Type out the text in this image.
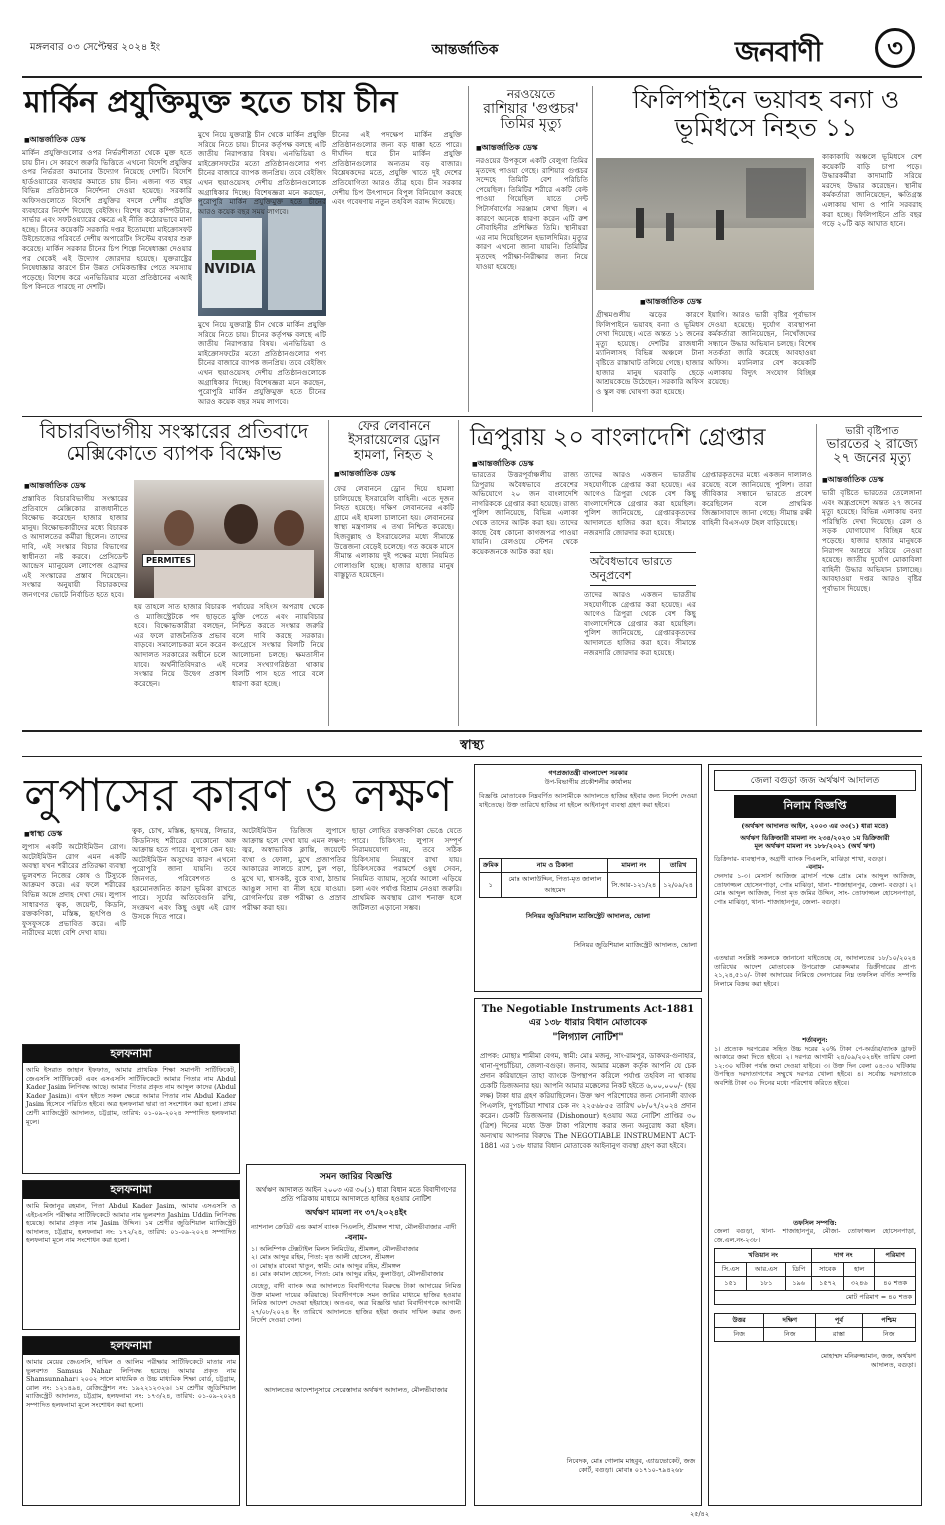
মঙ্গলবার ০৩ সেপ্টেম্বর ২০২৪ ইং	আন্তর্জাতিক	জনবাণী	৩
মার্কিন প্রযুক্তিমুক্ত হতে চায় চীন
■ আন্তর্জাতিক ডেস্ক
মার্কিন প্রযুক্তিগুলোর ওপর নির্ভরশীলতা থেকে মুক্ত হতে চায় চীন। সে কারণে জরুরি ভিত্তিতে এখনো বিদেশি প্রযুক্তির ওপর নির্ভরতা কমানোর উদ্যোগ নিয়েছে দেশটি। বিদেশি হার্ডওয়্যারের ব্যবহার কমাতে চায় চীন। এজন্য গত বছর বিভিন্ন প্রতিষ্ঠানকে নির্দেশনা দেওয়া হয়েছে। সরকারি অফিসগুলোতে বিদেশি প্রযুক্তির বদলে দেশীয় প্রযুক্তি ব্যবহারের নির্দেশ দিয়েছে বেইজিং। বিশেষ করে কম্পিউটার, সার্ভার এবং সফটওয়্যারের ক্ষেত্রে এই নীতি কঠোরভাবে মানা হচ্ছে। চীনের কয়েকটি সরকারি দপ্তর ইতোমধ্যে মাইক্রোসফট উইন্ডোজের পরিবর্তে দেশীয় অপারেটিং সিস্টেম ব্যবহার শুরু করেছে। মার্কিন সরকার চীনের চিপ শিল্পে নিষেধাজ্ঞা দেওয়ার পর থেকেই এই উদ্যোগ জোরদার হয়েছে। যুক্তরাষ্ট্রের নিষেধাজ্ঞার কারণে চীন উন্নত সেমিকন্ডাক্টর পেতে সমস্যায় পড়েছে। বিশেষ করে এনভিডিয়ার মতো প্রতিষ্ঠানের এআই চিপ কিনতে পারছে না দেশটি।
NVIDIA
মুখে নিয়ে যুক্তরাষ্ট্র চীন থেকে মার্কিন প্রযুক্তি সরিয়ে নিতে চায়। চীনের কর্তৃপক্ষ বলছে এটি জাতীয় নিরাপত্তার বিষয়। এনভিডিয়া ও মাইক্রোসফটের মতো প্রতিষ্ঠানগুলোর পণ্য চীনের বাজারে ব্যাপক জনপ্রিয়। তবে বেইজিং এখন হুয়াওয়েসহ দেশীয় প্রতিষ্ঠানগুলোকে অগ্রাধিকার দিচ্ছে। বিশেষজ্ঞরা মনে করছেন, পুরোপুরি মার্কিন প্রযুক্তিমুক্ত হতে চীনের আরও কয়েক বছর সময় লাগবে।
মুখে নিয়ে যুক্তরাষ্ট্র চীন থেকে মার্কিন প্রযুক্তি সরিয়ে নিতে চায়। চীনের কর্তৃপক্ষ বলছে এটি জাতীয় নিরাপত্তার বিষয়। এনভিডিয়া ও মাইক্রোসফটের মতো প্রতিষ্ঠানগুলোর পণ্য চীনের বাজারে ব্যাপক জনপ্রিয়। তবে বেইজিং এখন হুয়াওয়েসহ দেশীয় প্রতিষ্ঠানগুলোকে অগ্রাধিকার দিচ্ছে। বিশেষজ্ঞরা মনে করছেন, পুরোপুরি মার্কিন প্রযুক্তিমুক্ত হতে চীনের আরও কয়েক বছর সময় লাগবে।
চীনের এই পদক্ষেপ মার্কিন প্রযুক্তি প্রতিষ্ঠানগুলোর জন্য বড় ধাক্কা হতে পারে। দীর্ঘদিন ধরে চীন মার্কিন প্রযুক্তি প্রতিষ্ঠানগুলোর অন্যতম বড় বাজার। বিশ্লেষকদের মতে, প্রযুক্তি খাতে দুই দেশের প্রতিযোগিতা আরও তীব্র হবে। চীন সরকার দেশীয় চিপ উৎপাদনে বিপুল বিনিয়োগ করছে এবং গবেষণায় নতুন তহবিল বরাদ্দ দিয়েছে।
নরওয়েতে
রাশিয়ার 'গুপ্তচর' তিমির মৃত্যু
■ আন্তর্জাতিক ডেস্ক
নরওয়ের উপকূলে একটি বেলুগা তিমির মৃতদেহ পাওয়া গেছে। রাশিয়ার গুপ্তচর সন্দেহে তিমিটি বেশ পরিচিতি পেয়েছিল। তিমিটির শরীরে একটি বেল্ট পাওয়া গিয়েছিল যাতে সেন্ট পিটার্সবার্গের সরঞ্জাম লেখা ছিল। এ কারণে অনেকে ধারণা করেন এটি রুশ নৌবাহিনীর প্রশিক্ষিত তিমি। স্থানীয়রা এর নাম দিয়েছিলেন হভালদিমির। মৃত্যুর কারণ এখনো জানা যায়নি। তিমিটির মৃতদেহ পরীক্ষা-নিরীক্ষার জন্য নিয়ে যাওয়া হয়েছে।
ফিলিপাইনে ভয়াবহ বন্যা ও ভূমিধসে নিহত ১১
■ আন্তর্জাতিক ডেস্ক
গ্রীষ্মমণ্ডলীয় ঝড়ের কারণে ফিলিপাইনে ভয়াবহ বন্যা ও ভূমিধস দেখা দিয়েছে। এতে অন্তত ১১ জনের মৃত্যু হয়েছে। দেশটির রাজধানী ম্যানিলাসহ বিভিন্ন অঞ্চলে টানা বৃষ্টিতে রাস্তাঘাট তলিয়ে গেছে। হাজার হাজার মানুষ ঘরবাড়ি ছেড়ে আশ্রয়কেন্দ্রে উঠেছেন। সরকারি অফিস ও স্কুল বন্ধ ঘোষণা করা হয়েছে।
ইয়াগি। আরও ভারী বৃষ্টির পূর্বাভাস দেওয়া হয়েছে। দুর্যোগ ব্যবস্থাপনা কর্মকর্তারা জানিয়েছেন, নিখোঁজদের সন্ধানে উদ্ধার অভিযান চলছে। বিশেষ সতর্কতা জারি করেছে আবহাওয়া অফিস। ম্যানিলার বেশ কয়েকটি এলাকায় বিদ্যুৎ সংযোগ বিচ্ছিন্ন রয়েছে।
কাকাকাযি অঞ্চলে ভূমিধসে বেশ কয়েকটি বাড়ি চাপা পড়ে। উদ্ধারকর্মীরা কাদামাটি সরিয়ে মরদেহ উদ্ধার করেছেন। স্থানীয় কর্মকর্তারা জানিয়েছেন, ক্ষতিগ্রস্ত এলাকায় খাদ্য ও পানি সরবরাহ করা হচ্ছে। ফিলিপাইনে প্রতি বছর গড়ে ২০টি ঝড় আঘাত হানে।
বিচারবিভাগীয় সংস্কারের প্রতিবাদে মেক্সিকোতে ব্যাপক বিক্ষোভ
■ আন্তর্জাতিক ডেস্ক
PERMITES
প্রস্তাবিত বিচারবিভাগীয় সংস্কারের প্রতিবাদে মেক্সিকোর রাজধানীতে বিক্ষোভ করেছেন হাজার হাজার মানুষ। বিক্ষোভকারীদের মধ্যে বিচারক ও আদালতের কর্মীরা ছিলেন। তাদের দাবি, এই সংস্কার বিচার বিভাগের স্বাধীনতা নষ্ট করবে। প্রেসিডেন্ট আন্দ্রেস ম্যানুয়েল লোপেজ ওব্রাদর এই সংস্কারের প্রস্তাব দিয়েছেন। সংস্কার অনুযায়ী বিচারকদের জনগণের ভোটে নির্বাচিত হতে হবে।
হয় তাহলে সাত হাজার বিচারক ও ম্যাজিস্ট্রেটকে পদ ছাড়তে হবে। বিক্ষোভকারীরা বলছেন, এর ফলে রাজনৈতিক প্রভাব বাড়বে। সমালোচকরা মনে করেন আদালত সরকারের অধীনে চলে যাবে। অর্থনীতিবিদরাও এই সংস্কার নিয়ে উদ্বেগ প্রকাশ করেছেন।
পর্যায়ের সহিংস অপরাধ থেকে মুক্তি পেতে এবং ন্যায়বিচার নিশ্চিত করতে সংস্কার জরুরি বলে দাবি করছে সরকার। কংগ্রেসে সংস্কার বিলটি নিয়ে আলোচনা চলছে। ক্ষমতাসীন দলের সংখ্যাগরিষ্ঠতা থাকায় বিলটি পাস হতে পারে বলে ধারণা করা হচ্ছে।
ফের লেবাননে ইসরায়েলের ড্রোন হামলা, নিহত ২
■ আন্তর্জাতিক ডেস্ক
ফের লেবাননে ড্রোন দিয়ে হামলা চালিয়েছে ইসরায়েলি বাহিনী। এতে দুজন নিহত হয়েছে। দক্ষিণ লেবাননের একটি গ্রামে এই হামলা চালানো হয়। লেবাননের স্বাস্থ্য মন্ত্রণালয় এ তথ্য নিশ্চিত করেছে। হিজবুল্লাহ ও ইসরায়েলের মধ্যে সীমান্তে উত্তেজনা বেড়েই চলেছে। গত কয়েক মাসে সীমান্ত এলাকায় দুই পক্ষের মধ্যে নিয়মিত গোলাগুলি হচ্ছে। হাজার হাজার মানুষ বাস্তুচ্যুত হয়েছেন।
ত্রিপুরায় ২০ বাংলাদেশি গ্রেপ্তার
■ আন্তর্জাতিক ডেস্ক
ভারতের উত্তরপূর্বাঞ্চলীয় রাজ্য ত্রিপুরায় অবৈধভাবে প্রবেশের অভিযোগে ২০ জন বাংলাদেশি নাগরিককে গ্রেপ্তার করা হয়েছে। রাজ্য পুলিশ জানিয়েছে, বিভিন্ন এলাকা থেকে তাদের আটক করা হয়। তাদের কাছে বৈধ কোনো কাগজপত্র পাওয়া যায়নি। রেলওয়ে স্টেশন থেকে কয়েকজনকে আটক করা হয়।
তাদের আরও একজন ভারতীয় সহযোগীকে গ্রেপ্তার করা হয়েছে। এর আগেও ত্রিপুরা থেকে বেশ কিছু বাংলাদেশিকে গ্রেপ্তার করা হয়েছিল। পুলিশ জানিয়েছে, গ্রেপ্তারকৃতদের আদালতে হাজির করা হবে। সীমান্তে নজরদারি জোরদার করা হয়েছে।
অবৈধভাবে ভারতে অনুপ্রবেশ
তাদের আরও একজন ভারতীয় সহযোগীকে গ্রেপ্তার করা হয়েছে। এর আগেও ত্রিপুরা থেকে বেশ কিছু বাংলাদেশিকে গ্রেপ্তার করা হয়েছিল। পুলিশ জানিয়েছে, গ্রেপ্তারকৃতদের আদালতে হাজির করা হবে। সীমান্তে নজরদারি জোরদার করা হয়েছে।
গ্রেপ্তারকৃতদের মধ্যে একজন দালালও রয়েছে বলে জানিয়েছে পুলিশ। তারা জীবিকার সন্ধানে ভারতে প্রবেশ করেছিলেন বলে প্রাথমিক জিজ্ঞাসাবাদে জানা গেছে। সীমান্ত রক্ষী বাহিনী বিএসএফ টহল বাড়িয়েছে।
ভারী বৃষ্টিপাত
ভারতের ২ রাজ্যে ২৭ জনের মৃত্যু
■ আন্তর্জাতিক ডেস্ক
ভারী বৃষ্টিতে ভারতের তেলেঙ্গানা এবং অন্ধ্রপ্রদেশে অন্তত ২৭ জনের মৃত্যু হয়েছে। বিভিন্ন এলাকায় বন্যা পরিস্থিতি দেখা দিয়েছে। রেল ও সড়ক যোগাযোগ বিচ্ছিন্ন হয়ে পড়েছে। হাজার হাজার মানুষকে নিরাপদ আশ্রয়ে সরিয়ে নেওয়া হয়েছে। জাতীয় দুর্যোগ মোকাবিলা বাহিনী উদ্ধার অভিযান চালাচ্ছে। আবহাওয়া দপ্তর আরও বৃষ্টির পূর্বাভাস দিয়েছে।
স্বাস্থ্য
লুপাসের কারণ ও লক্ষণ
■ স্বাস্থ্য ডেস্ক
লুপাস একটি অটোইমিউন রোগ। অটোইমিউন রোগ এমন একটি অবস্থা যখন শরীরের প্রতিরক্ষা ব্যবস্থা ভুলবশত নিজের কোষ ও টিস্যুকে আক্রমণ করে। এর ফলে শরীরের বিভিন্ন অঙ্গে প্রদাহ দেখা দেয়। লুপাস সাধারণত ত্বক, জয়েন্ট, কিডনি, রক্তকণিকা, মস্তিষ্ক, হৃৎপিণ্ড ও ফুসফুসকে প্রভাবিত করে। এটি নারীদের মধ্যে বেশি দেখা যায়।
ত্বক, চোখ, মস্তিষ্ক, হৃদযন্ত্র, লিভার, কিডনিসহ শরীরের যেকোনো অঙ্গ আক্রান্ত হতে পারে। লুপাস কেন হয়: অটোইমিউন অসুখের কারণ এখনো পুরোপুরি জানা যায়নি। তবে জিনগত, পরিবেশগত ও হরমোনজনিত কারণ ভূমিকা রাখতে পারে। সূর্যের অতিবেগুনি রশ্মি, সংক্রমণ এবং কিছু ওষুধ এই রোগ উসকে দিতে পারে।
অটোইমিউন ডিজিজ লুপাসে আক্রান্ত হলে দেখা যায় এমন লক্ষণ: জ্বর, অস্বাভাবিক ক্লান্তি, জয়েন্টে ব্যথা ও ফোলা, মুখে প্রজাপতির আকারের লালচে র‍্যাশ, চুল পড়া, মুখে ঘা, শ্বাসকষ্ট, বুকে ব্যথা, ঠান্ডায় আঙুল সাদা বা নীল হয়ে যাওয়া। রোগনির্ণয়ে রক্ত পরীক্ষা ও প্রস্রাব পরীক্ষা করা হয়।
ছাড়া লোহিত রক্তকণিকা ভেঙে যেতে পারে। চিকিৎসা: লুপাস সম্পূর্ণ নিরাময়যোগ্য নয়, তবে সঠিক চিকিৎসায় নিয়ন্ত্রণে রাখা যায়। চিকিৎসকের পরামর্শে ওষুধ সেবন, নিয়মিত ব্যায়াম, সূর্যের আলো এড়িয়ে চলা এবং পর্যাপ্ত বিশ্রাম নেওয়া জরুরি। প্রাথমিক অবস্থায় রোগ শনাক্ত হলে জটিলতা এড়ানো সম্ভব।
হলফনামা
আমি ইসরাত জাহান ইফফাত, আমার প্রাথমিক শিক্ষা সমাপনী সার্টিফিকেট, জেএসসি সার্টিফিকেট এবং এসএসসি সার্টিফিকেটে আমার পিতার নাম Abdul Kader Jasim লিপিবদ্ধ আছে। আমার পিতার প্রকৃত নাম আব্দুল কাদের (Abdul Kader Jasim)। এখন হইতে সকল ক্ষেত্রে আমার পিতার নাম Abdul Kader Jasim হিসেবে পরিচিত হইবে। অত্র হলফনামা দ্বারা তা সংশোধন করা হলো। প্রথম শ্রেণী ম্যাজিস্ট্রেট আদালত, চট্টগ্রাম, তারিখ: ০১-০৯-২০২৪ সম্পাদিত হলফনামা মূলে।
হলফনামা
আমি মিজানুর রহমান, পিতা Abdul Kader Jasim, আমার এসএসসি ও এইচএসসি পরীক্ষার সার্টিফিকেটে আমার নাম ভুলবশত Jashim Uddin লিপিবদ্ধ হয়েছে। আমার প্রকৃত নাম Jasim উদ্দিন। ১ম শ্রেণীর জুডিশিয়াল ম্যাজিস্ট্রেট আদালত, চট্টগ্রাম, হলফনামা নং: ১৭২/২৪, তারিখ: ০১-০৯-২০২৪ সম্পাদিত হলফনামা মূলে নাম সংশোধন করা হলো।
হলফনামা
আমার মেয়ের জেএসসি, দাখিল ও আলিম পরীক্ষার সার্টিফিকেটে মাতার নাম ভুলবশত Samsus Nahar লিপিবদ্ধ হয়েছে। আমার প্রকৃত নাম Shamsunnahar। ২০০২ সালে মাধ্যমিক ও উচ্চ মাধ্যমিক শিক্ষা বোর্ড, চট্টগ্রাম, রোল নং: ১২১৪৯৪, রেজিস্ট্রেশন নং: ১৯২২১২৩২৬। ১ম শ্রেণীর জুডিশিয়াল ম্যাজিস্ট্রেট আদালত, চট্টগ্রাম, হলফনামা নং: ১৭৩/২৪, তারিখ: ০১-০৯-২০২৪ সম্পাদিত হলফনামা মূলে সংশোধন করা হলো।
সমন জারির বিজ্ঞপ্তি
অর্থঋণ আদালত আইন ২০০৩ এর ৩০(১) ধারা বিধান মতে বিবাদীগণের প্রতি পত্রিকায় মাধ্যমে আদালতে হাজির হওয়ার নোটিশ
অর্থঋণ মামলা নং ৩৭/২০২৪ইং
ন্যাশনাল ক্রেডিট এন্ড কমার্স ব্যাংক পিএলসি, শ্রীমঙ্গল শাখা, মৌলভীবাজার -বাদী
-বনাম-
১। অলিম্পিক টেক্সটাইল মিলস লিমিটেড, শ্রীমঙ্গল, মৌলভীবাজার
২। মোঃ আব্দুর রহিম, পিতা: মৃত আলী হোসেন, শ্রীমঙ্গল
৩। মোছাঃ রাবেয়া খাতুন, স্বামী: মোঃ আব্দুর রহিম, শ্রীমঙ্গল
৪। মোঃ কামাল হোসেন, পিতা: মোঃ আব্দুর রহিম, কুলাউড়া, মৌলভীবাজার
যেহেতু, বাদী ব্যাংক অত্র আদালতে বিবাদীগণের বিরুদ্ধে টাকা আদায়ের নিমিত্ত উক্ত মামলা দায়ের করিয়াছে। বিবাদীগণকে সমন জারির মাধ্যমে হাজির হওয়ার নিমিত্ত আদেশ দেওয়া হইয়াছে। অতএব, অত্র বিজ্ঞপ্তি দ্বারা বিবাদীগণকে আগামী ২৭/০৮/২০২৪ ইং তারিখে আদালতে হাজির হইয়া জবাব দাখিল করার জন্য নির্দেশ দেওয়া গেল।
আদালতের আদেশানুসারে সেরেস্তাদার অর্থঋণ আদালত, মৌলভীবাজার
গণপ্রজাতন্ত্রী বাংলাদেশ সরকার
উপ-বিভাগীয় প্রকৌশলীর কার্যালয়
বিজ্ঞপ্তি মোতাবেক নিম্নবর্ণিত আসামীকে আদালতে হাজির হইবার জন্য নির্দেশ দেওয়া যাইতেছে। উক্ত তারিখে হাজির না হইলে আইনানুগ ব্যবস্থা গ্রহণ করা হইবে।
ক্রমিক	নাম ও ঠিকানা	মামলা নং	তারিখ
১	মোঃ আলাউদ্দিন, পিতা-মৃত জালাল আহমেদ	সি.আর-১২১/২৪	১২/০৯/২৪
সিনিয়র জুডিশিয়াল ম্যাজিস্ট্রেট আদালত, ভোলা
সিনিয়র জুডিশিয়াল ম্যাজিস্ট্রেট আদালত, ভোলা
The Negotiable Instruments Act-1881
এর ১৩৮ ধারার বিধান মোতাবেক
"লিগ্যাল নোটিশ"
প্রাপক: মোছাঃ শামীমা বেগম, স্বামী: মোঃ মজনু, সাং-রামপুর, ডাকঘর-গুনাহার, থানা-দুপচাঁচিয়া, জেলা-বগুড়া। জনাব, আমার মক্কেল কর্তৃক আপনি যে চেক প্রদান করিয়াছেন তাহা ব্যাংকে উপস্থাপন করিলে পর্যাপ্ত তহবিল না থাকায় চেকটি ডিজঅনার হয়। আপনি আমার মক্কেলের নিকট হইতে ৬,০০,০০০/- (ছয় লক্ষ) টাকা ধার গ্রহণ করিয়াছিলেন। উক্ত ঋণ পরিশোধের জন্য সোনালী ব্যাংক পিএলসি, দুপচাঁচিয়া শাখার চেক নং ২২৫৬৮৫৫ তারিখ ০৮/০৭/২০২৪ প্রদান করেন। চেকটি ডিজঅনার (Dishonour) হওয়ায় অত্র নোটিশ প্রাপ্তির ৩০ (ত্রিশ) দিনের মধ্যে উক্ত টাকা পরিশোধ করার জন্য অনুরোধ করা হইল। অন্যথায় আপনার বিরুদ্ধে The NEGOTIABLE INSTRUMENT ACT-1881 এর ১৩৮ ধারার বিধান মোতাবেক আইনানুগ ব্যবস্থা গ্রহণ করা হইবে।
নিবেদক, মোঃ গোলাম মাহবুব, এ্যাডভোকেট, জজ কোর্ট, বগুড়া। মোবাঃ ০১৭১০-৭৯৪২৬৮
জেলা বগুড়া জজ অর্থঋণ আদালত
নিলাম বিজ্ঞপ্তি
(অর্থঋণ আদালত আইন, ২০০৩ এর ৩৩(১) ধারা মতে)
অর্থঋণ ডিক্রিজারী মামলা নং ২৩৪/২০২৩ ১ম ডিক্রিজারী
মূল অর্থঋণ মামলা নং ১৮৮/২০২১ (অর্থ ঋণ)
ডিক্রিদার- ব্যবস্থাপক, অগ্রণী ব্যাংক পিএলসি, মাঝিড়া শাখা, বগুড়া।
-বনাম-
দেনদার ১-৩। মেসার্স আজিজ ব্রাদার্স পক্ষে প্রোঃ মোঃ আব্দুল আজিজ, তোফাজ্জল হোসেনপাড়া, পোঃ মাঝিড়া, থানা- শাজাহানপুর, জেলা- বগুড়া। ২। মোঃ আব্দুল আজিজ, পিতা মৃত জমির উদ্দিন, সাং- তোফাজ্জল হোসেনপাড়া, পোঃ মাঝিড়া, থানা- শাজাহানপুর, জেলা- বগুড়া।
এতদ্বারা সংশ্লিষ্ট সকলকে জানানো যাইতেছে যে, আদালতের ১৮/১০/২০২৪ তারিখের আদেশ মোতাবেক উপরোক্ত মোকদ্দমার ডিক্রীদারের প্রাপ্য ২১,২৪,৫১০/- টাকা আদায়ের নিমিত্তে দেনদারের নিম্ন তফসিল বর্ণিত সম্পত্তি নিলামে বিক্রয় করা হইবে।
শর্তাবলুন:
১। প্রত্যেক দরপত্রের সহিত উচ্চ দরের ২০% টাকা পে-অর্ডার/ব্যাংক ড্রাফট আকারে জমা দিতে হইবে। ২। দরপত্র আগামী ২৪/০৯/২০২৪ইং তারিখ বেলা ১২:৩০ ঘটিকা পর্যন্ত জমা দেওয়া যাইবে। ৩। উক্ত দিন বেলা ০৪:৩০ ঘটিকায় উপস্থিত দরদাতাগণের সম্মুখে দরপত্র খোলা হইবে। ৪। সর্বোচ্চ দরদাতাকে অবশিষ্ট টাকা ৩০ দিনের মধ্যে পরিশোধ করিতে হইবে।
তফসিল সম্পত্তি:
জেলা বগুড়া, থানা- শাজাহানপুর, মৌজা- তোফাজ্জল হোসেনপাড়া, জে.এল.নং-২৩৮।
খতিয়ান নং			দাগ নং		পরিমাণ
সি.এস	আর.এস	ডিপি	সাবেক	হাল	
১৫১	১৮১	১৯৬	১৫৭২	৩২৪৬	৪০ শতক
মোট পরিমাণ = ৪০ শতক					
উত্তর	দক্ষিণ	পূর্ব	পশ্চিম
নিজ	নিজ	রাস্তা	নিজ
মোহাম্মদ মনিরুজ্জামান, জজ, অর্থঋণ আদালত, বগুড়া।
২৫/৪২
